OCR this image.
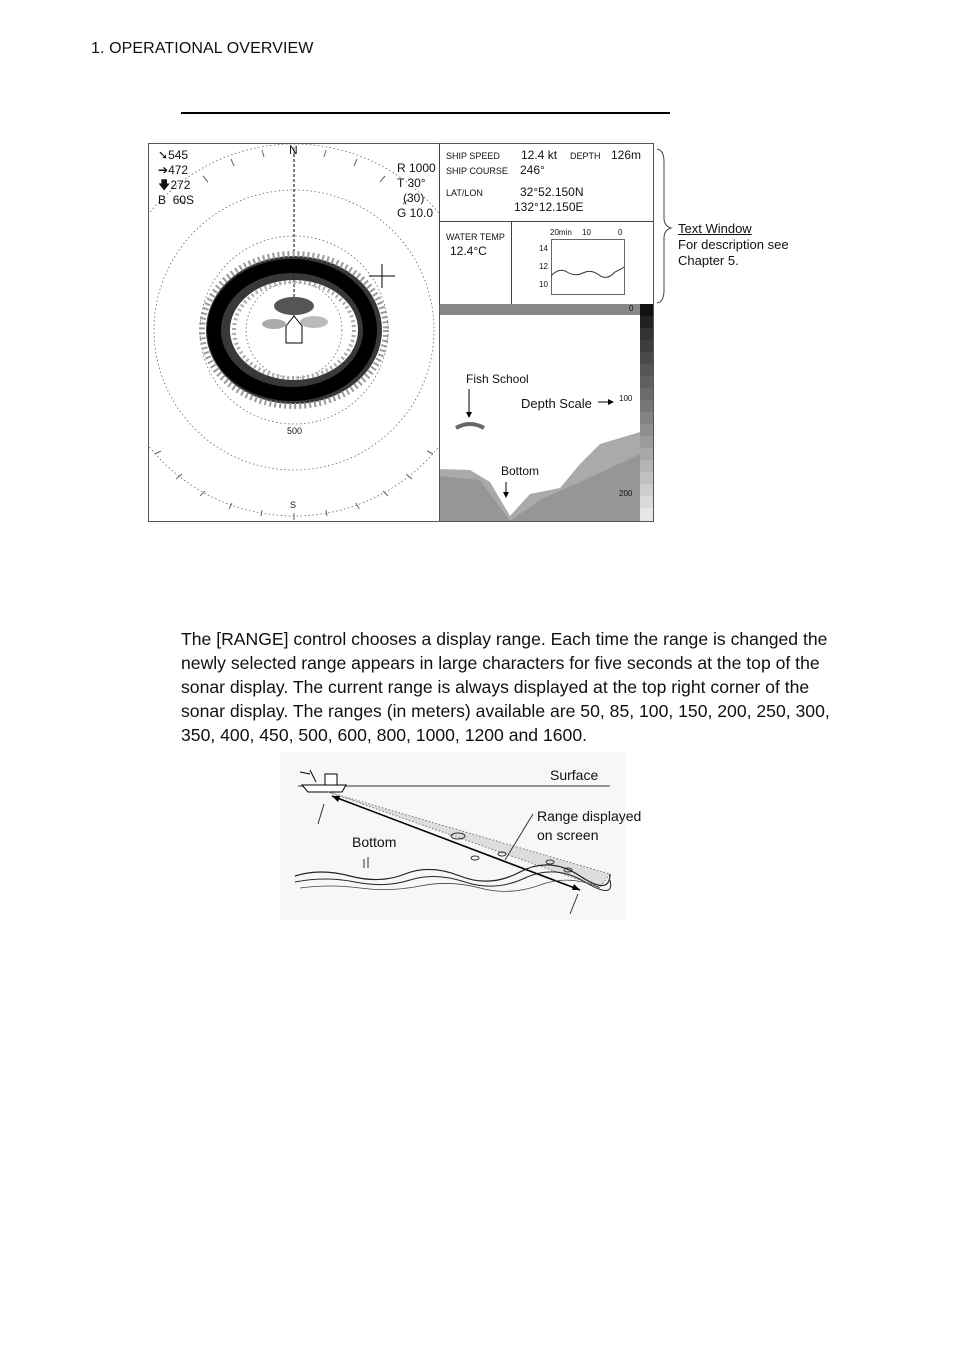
1. OPERATIONAL OVERVIEW
➘545
➔472
🡇272
B 60S
R 1000
T 30°
(30)
G 10.0
N
S
500
SHIP SPEED 12.4 kt DEPTH 126m
SHIP COURSE 246°
LAT/LON	32°52.150N
132°12.150E
WATER TEMP
12.4°C
20min 10	0
14
12
10
Fish School
Depth Scale
Bottom
0
100
200
Text Window
For description see
Chapter 5.

The [RANGE] control chooses a display range. Each time the range is changed the newly selected range appears in large characters for five seconds at the top of the sonar display. The current range is always displayed at the top right corner of the sonar display. The ranges (in meters) available are 50, 85, 100, 150, 200, 250, 300, 350, 400, 450, 500, 600, 800, 1000, 1200 and 1600.

Surface
Range displayed
on screen
Bottom
